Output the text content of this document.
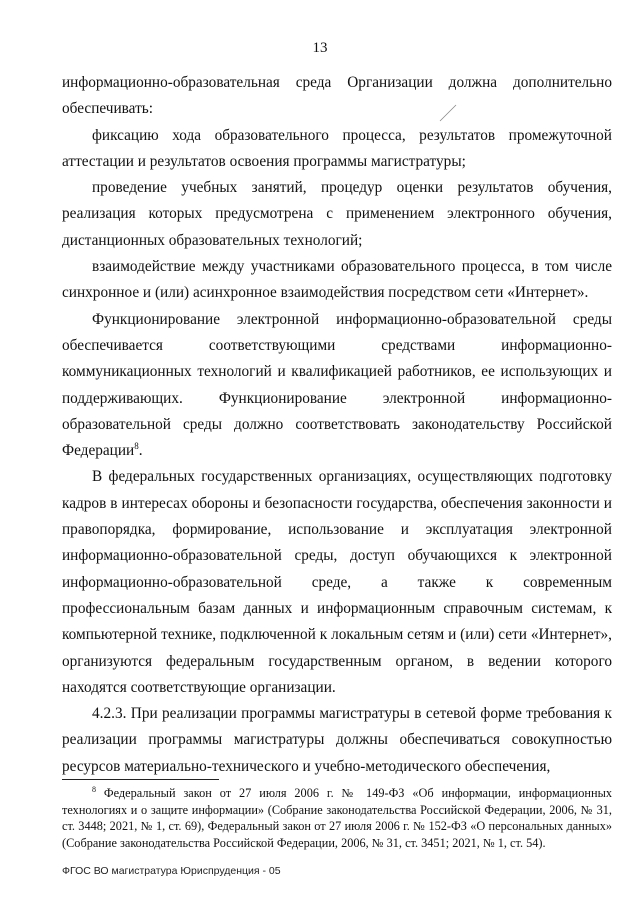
13

информационно-образовательная среда Организации должна дополнительно обеспечивать:

фиксацию хода образовательного процесса, результатов промежуточной аттестации и результатов освоения программы магистратуры;

проведение учебных занятий, процедур оценки результатов обучения, реализация которых предусмотрена с применением электронного обучения, дистанционных образовательных технологий;

взаимодействие между участниками образовательного процесса, в том числе синхронное и (или) асинхронное взаимодействия посредством сети «Интернет».

Функционирование электронной информационно-образовательной среды обеспечивается соответствующими средствами информационно-коммуникационных технологий и квалификацией работников, ее использующих и поддерживающих. Функционирование электронной информационно-образовательной среды должно соответствовать законодательству Российской Федерации$^8$.

В федеральных государственных организациях, осуществляющих подготовку кадров в интересах обороны и безопасности государства, обеспечения законности и правопорядка, формирование, использование и эксплуатация электронной информационно-образовательной среды, доступ обучающихся к электронной информационно-образовательной среде, а также к современным профессиональным базам данных и информационным справочным системам, к компьютерной технике, подключенной к локальным сетям и (или) сети «Интернет», организуются федеральным государственным органом, в ведении которого находятся соответствующие организации.

4.2.3. При реализации программы магистратуры в сетевой форме требования к реализации программы магистратуры должны обеспечиваться совокупностью ресурсов материально-технического и учебно-методического обеспечения,

$^8$ Федеральный закон от 27 июля 2006 г. № 149-ФЗ «Об информации, информационных технологиях и о защите информации» (Собрание законодательства Российской Федерации, 2006, № 31, ст. 3448; 2021, № 1, ст. 69), Федеральный закон от 27 июля 2006 г. № 152-ФЗ «О персональных данных» (Собрание законодательства Российской Федерации, 2006, № 31, ст. 3451; 2021, № 1, ст. 54).

ФГОС ВО магистратура Юриспруденция - 05
